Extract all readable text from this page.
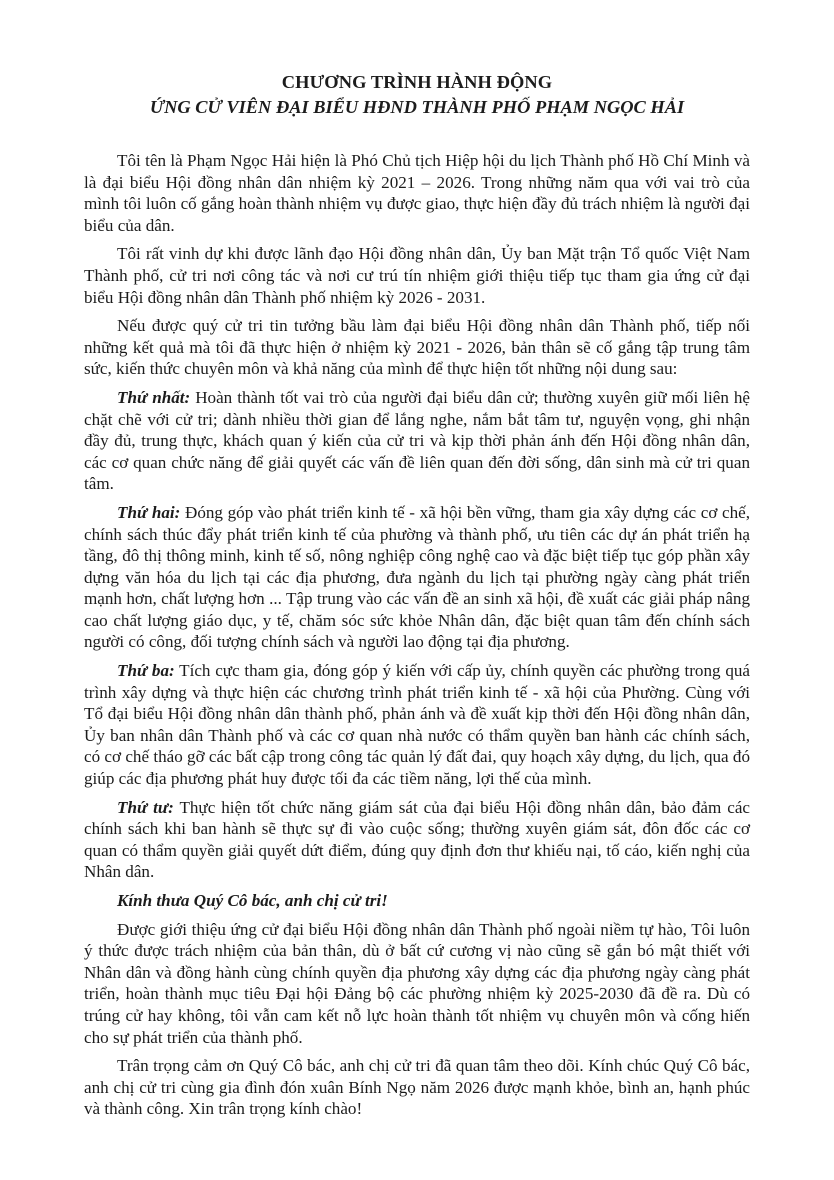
CHƯƠNG TRÌNH HÀNH ĐỘNG
ỨNG CỬ VIÊN ĐẠI BIỂU HĐND THÀNH PHỐ PHẠM NGỌC HẢI

Tôi tên là Phạm Ngọc Hải hiện là Phó Chủ tịch Hiệp hội du lịch Thành phố Hồ Chí Minh và là đại biểu Hội đồng nhân dân nhiệm kỳ 2021 – 2026. Trong những năm qua với vai trò của mình tôi luôn cố gắng hoàn thành nhiệm vụ được giao, thực hiện đầy đủ trách nhiệm là người đại biểu của dân.

Tôi rất vinh dự khi được lãnh đạo Hội đồng nhân dân, Ủy ban Mặt trận Tổ quốc Việt Nam Thành phố, cử tri nơi công tác và nơi cư trú tín nhiệm giới thiệu tiếp tục tham gia ứng cử đại biểu Hội đồng nhân dân Thành phố nhiệm kỳ 2026 - 2031.

Nếu được quý cử tri tin tưởng bầu làm đại biểu Hội đồng nhân dân Thành phố, tiếp nối những kết quả mà tôi đã thực hiện ở nhiệm kỳ 2021 - 2026, bản thân sẽ cố gắng tập trung tâm sức, kiến thức chuyên môn và khả năng của mình để thực hiện tốt những nội dung sau:

Thứ nhất: Hoàn thành tốt vai trò của người đại biểu dân cử; thường xuyên giữ mối liên hệ chặt chẽ với cử tri; dành nhiều thời gian để lắng nghe, nắm bắt tâm tư, nguyện vọng, ghi nhận đầy đủ, trung thực, khách quan ý kiến của cử tri và kịp thời phản ánh đến Hội đồng nhân dân, các cơ quan chức năng để giải quyết các vấn đề liên quan đến đời sống, dân sinh mà cử tri quan tâm.

Thứ hai: Đóng góp vào phát triển kinh tế - xã hội bền vững, tham gia xây dựng các cơ chế, chính sách thúc đẩy phát triển kinh tế của phường và thành phố, ưu tiên các dự án phát triển hạ tầng, đô thị thông minh, kinh tế số, nông nghiệp công nghệ cao và đặc biệt tiếp tục góp phần xây dựng văn hóa du lịch tại các địa phương, đưa ngành du lịch tại phường ngày càng phát triển mạnh hơn, chất lượng hơn ... Tập trung vào các vấn đề an sinh xã hội, đề xuất các giải pháp nâng cao chất lượng giáo dục, y tế, chăm sóc sức khỏe Nhân dân, đặc biệt quan tâm đến chính sách người có công, đối tượng chính sách và người lao động tại địa phương.

Thứ ba: Tích cực tham gia, đóng góp ý kiến với cấp ủy, chính quyền các phường trong quá trình xây dựng và thực hiện các chương trình phát triển kinh tế - xã hội của Phường. Cùng với Tổ đại biểu Hội đồng nhân dân thành phố, phản ánh và đề xuất kịp thời đến Hội đồng nhân dân, Ủy ban nhân dân Thành phố và các cơ quan nhà nước có thẩm quyền ban hành các chính sách, có cơ chế tháo gỡ các bất cập trong công tác quản lý đất đai, quy hoạch xây dựng, du lịch, qua đó giúp các địa phương phát huy được tối đa các tiềm năng, lợi thế của mình.

Thứ tư: Thực hiện tốt chức năng giám sát của đại biểu Hội đồng nhân dân, bảo đảm các chính sách khi ban hành sẽ thực sự đi vào cuộc sống; thường xuyên giám sát, đôn đốc các cơ quan có thẩm quyền giải quyết dứt điểm, đúng quy định đơn thư khiếu nại, tố cáo, kiến nghị của Nhân dân.

Kính thưa Quý Cô bác, anh chị cử tri!

Được giới thiệu ứng cử đại biểu Hội đồng nhân dân Thành phố ngoài niềm tự hào, Tôi luôn ý thức được trách nhiệm của bản thân, dù ở bất cứ cương vị nào cũng sẽ gắn bó mật thiết với Nhân dân và đồng hành cùng chính quyền địa phương xây dựng các địa phương ngày càng phát triển, hoàn thành mục tiêu Đại hội Đảng bộ các phường nhiệm kỳ 2025-2030 đã đề ra. Dù có trúng cử hay không, tôi vẫn cam kết nỗ lực hoàn thành tốt nhiệm vụ chuyên môn và cống hiến cho sự phát triển của thành phố.

Trân trọng cảm ơn Quý Cô bác, anh chị cử tri đã quan tâm theo dõi. Kính chúc Quý Cô bác, anh chị cử tri cùng gia đình đón xuân Bính Ngọ năm 2026 được mạnh khỏe, bình an, hạnh phúc và thành công. Xin trân trọng kính chào!
